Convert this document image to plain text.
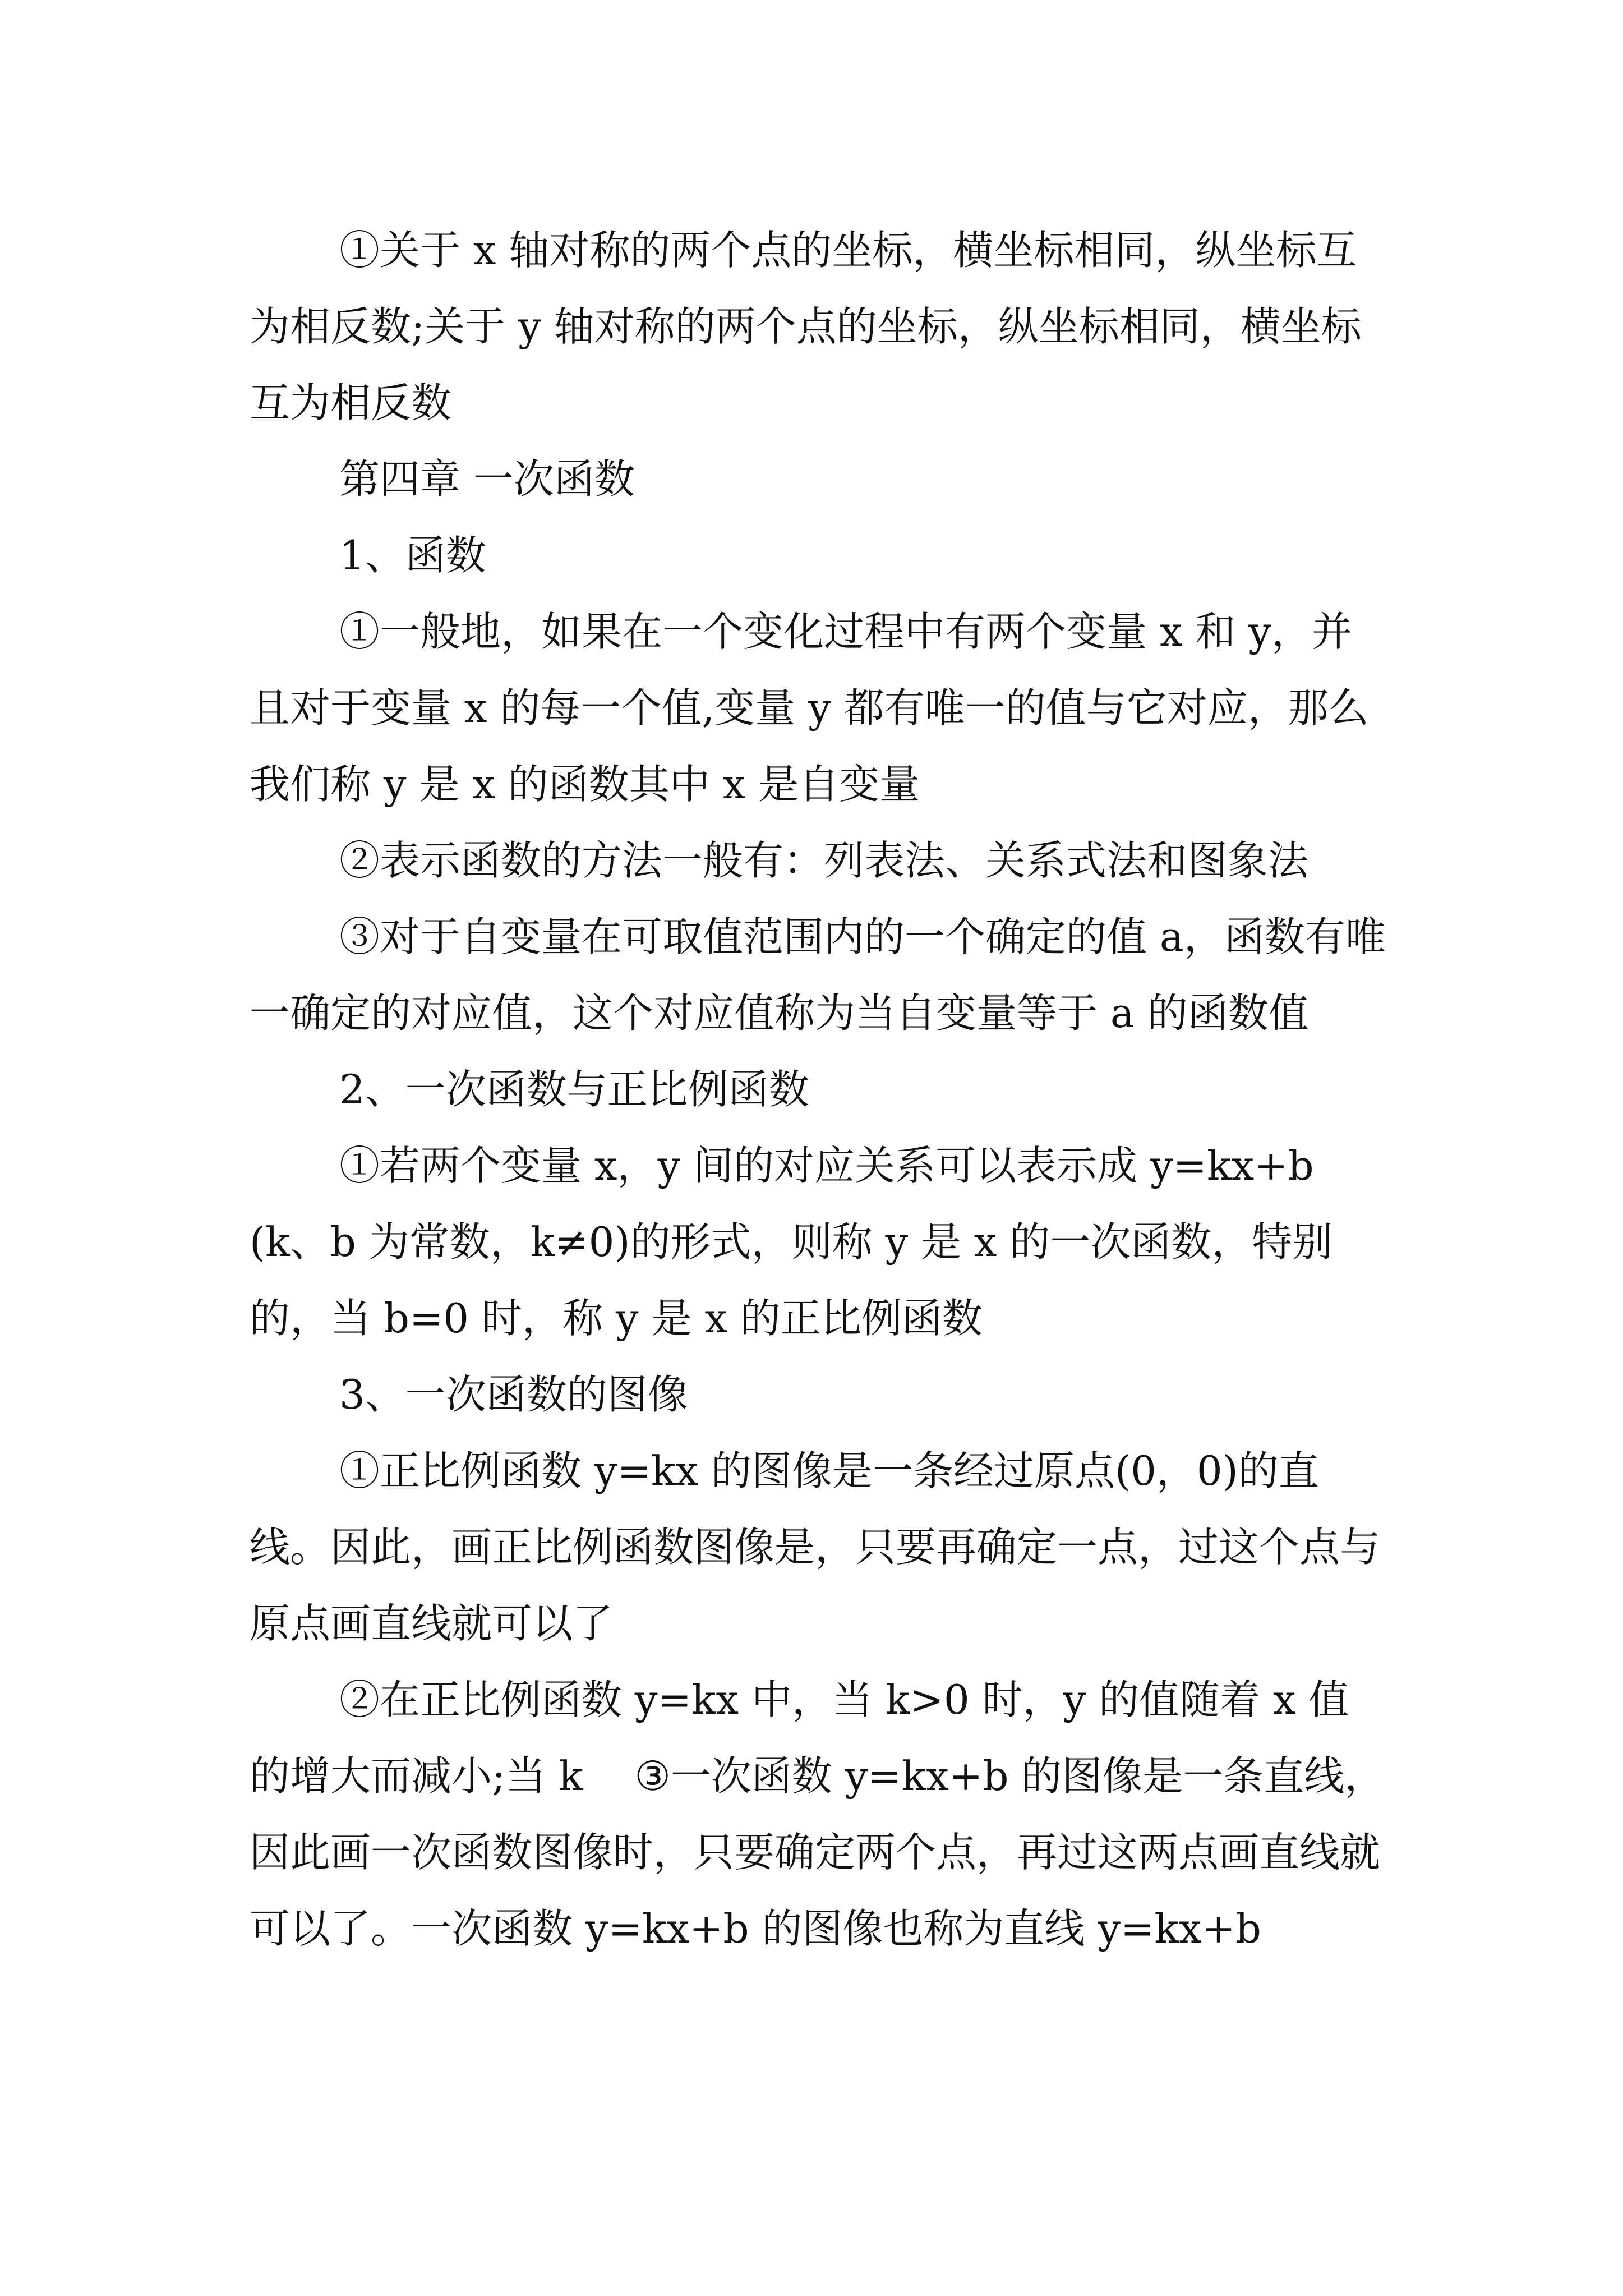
①关于 x 轴对称的两个点的坐标，横坐标相同，纵坐标互为相反数;关于 y 轴对称的两个点的坐标，纵坐标相同，横坐标互为相反数

第四章 一次函数

1、函数

①一般地，如果在一个变化过程中有两个变量 x 和 y，并且对于变量 x 的每一个值,变量 y 都有唯一的值与它对应，那么我们称 y 是 x 的函数其中 x 是自变量

②表示函数的方法一般有：列表法、关系式法和图象法

③对于自变量在可取值范围内的一个确定的值 a，函数有唯一确定的对应值，这个对应值称为当自变量等于 a 的函数值

2、一次函数与正比例函数

①若两个变量 x，y 间的对应关系可以表示成 y=kx+b(k、b 为常数，k≠0)的形式，则称 y 是 x 的一次函数，特别的，当 b=0 时，称 y 是 x 的正比例函数

3、一次函数的图像

①正比例函数 y=kx 的图像是一条经过原点(0，0)的直线。因此，画正比例函数图像是，只要再确定一点，过这个点与原点画直线就可以了

②在正比例函数 y=kx 中，当 k>0 时，y 的值随着 x 值的增大而减小;当 k    ③一次函数 y=kx+b 的图像是一条直线，因此画一次函数图像时，只要确定两个点，再过这两点画直线就可以了。一次函数 y=kx+b 的图像也称为直线 y=kx+b
